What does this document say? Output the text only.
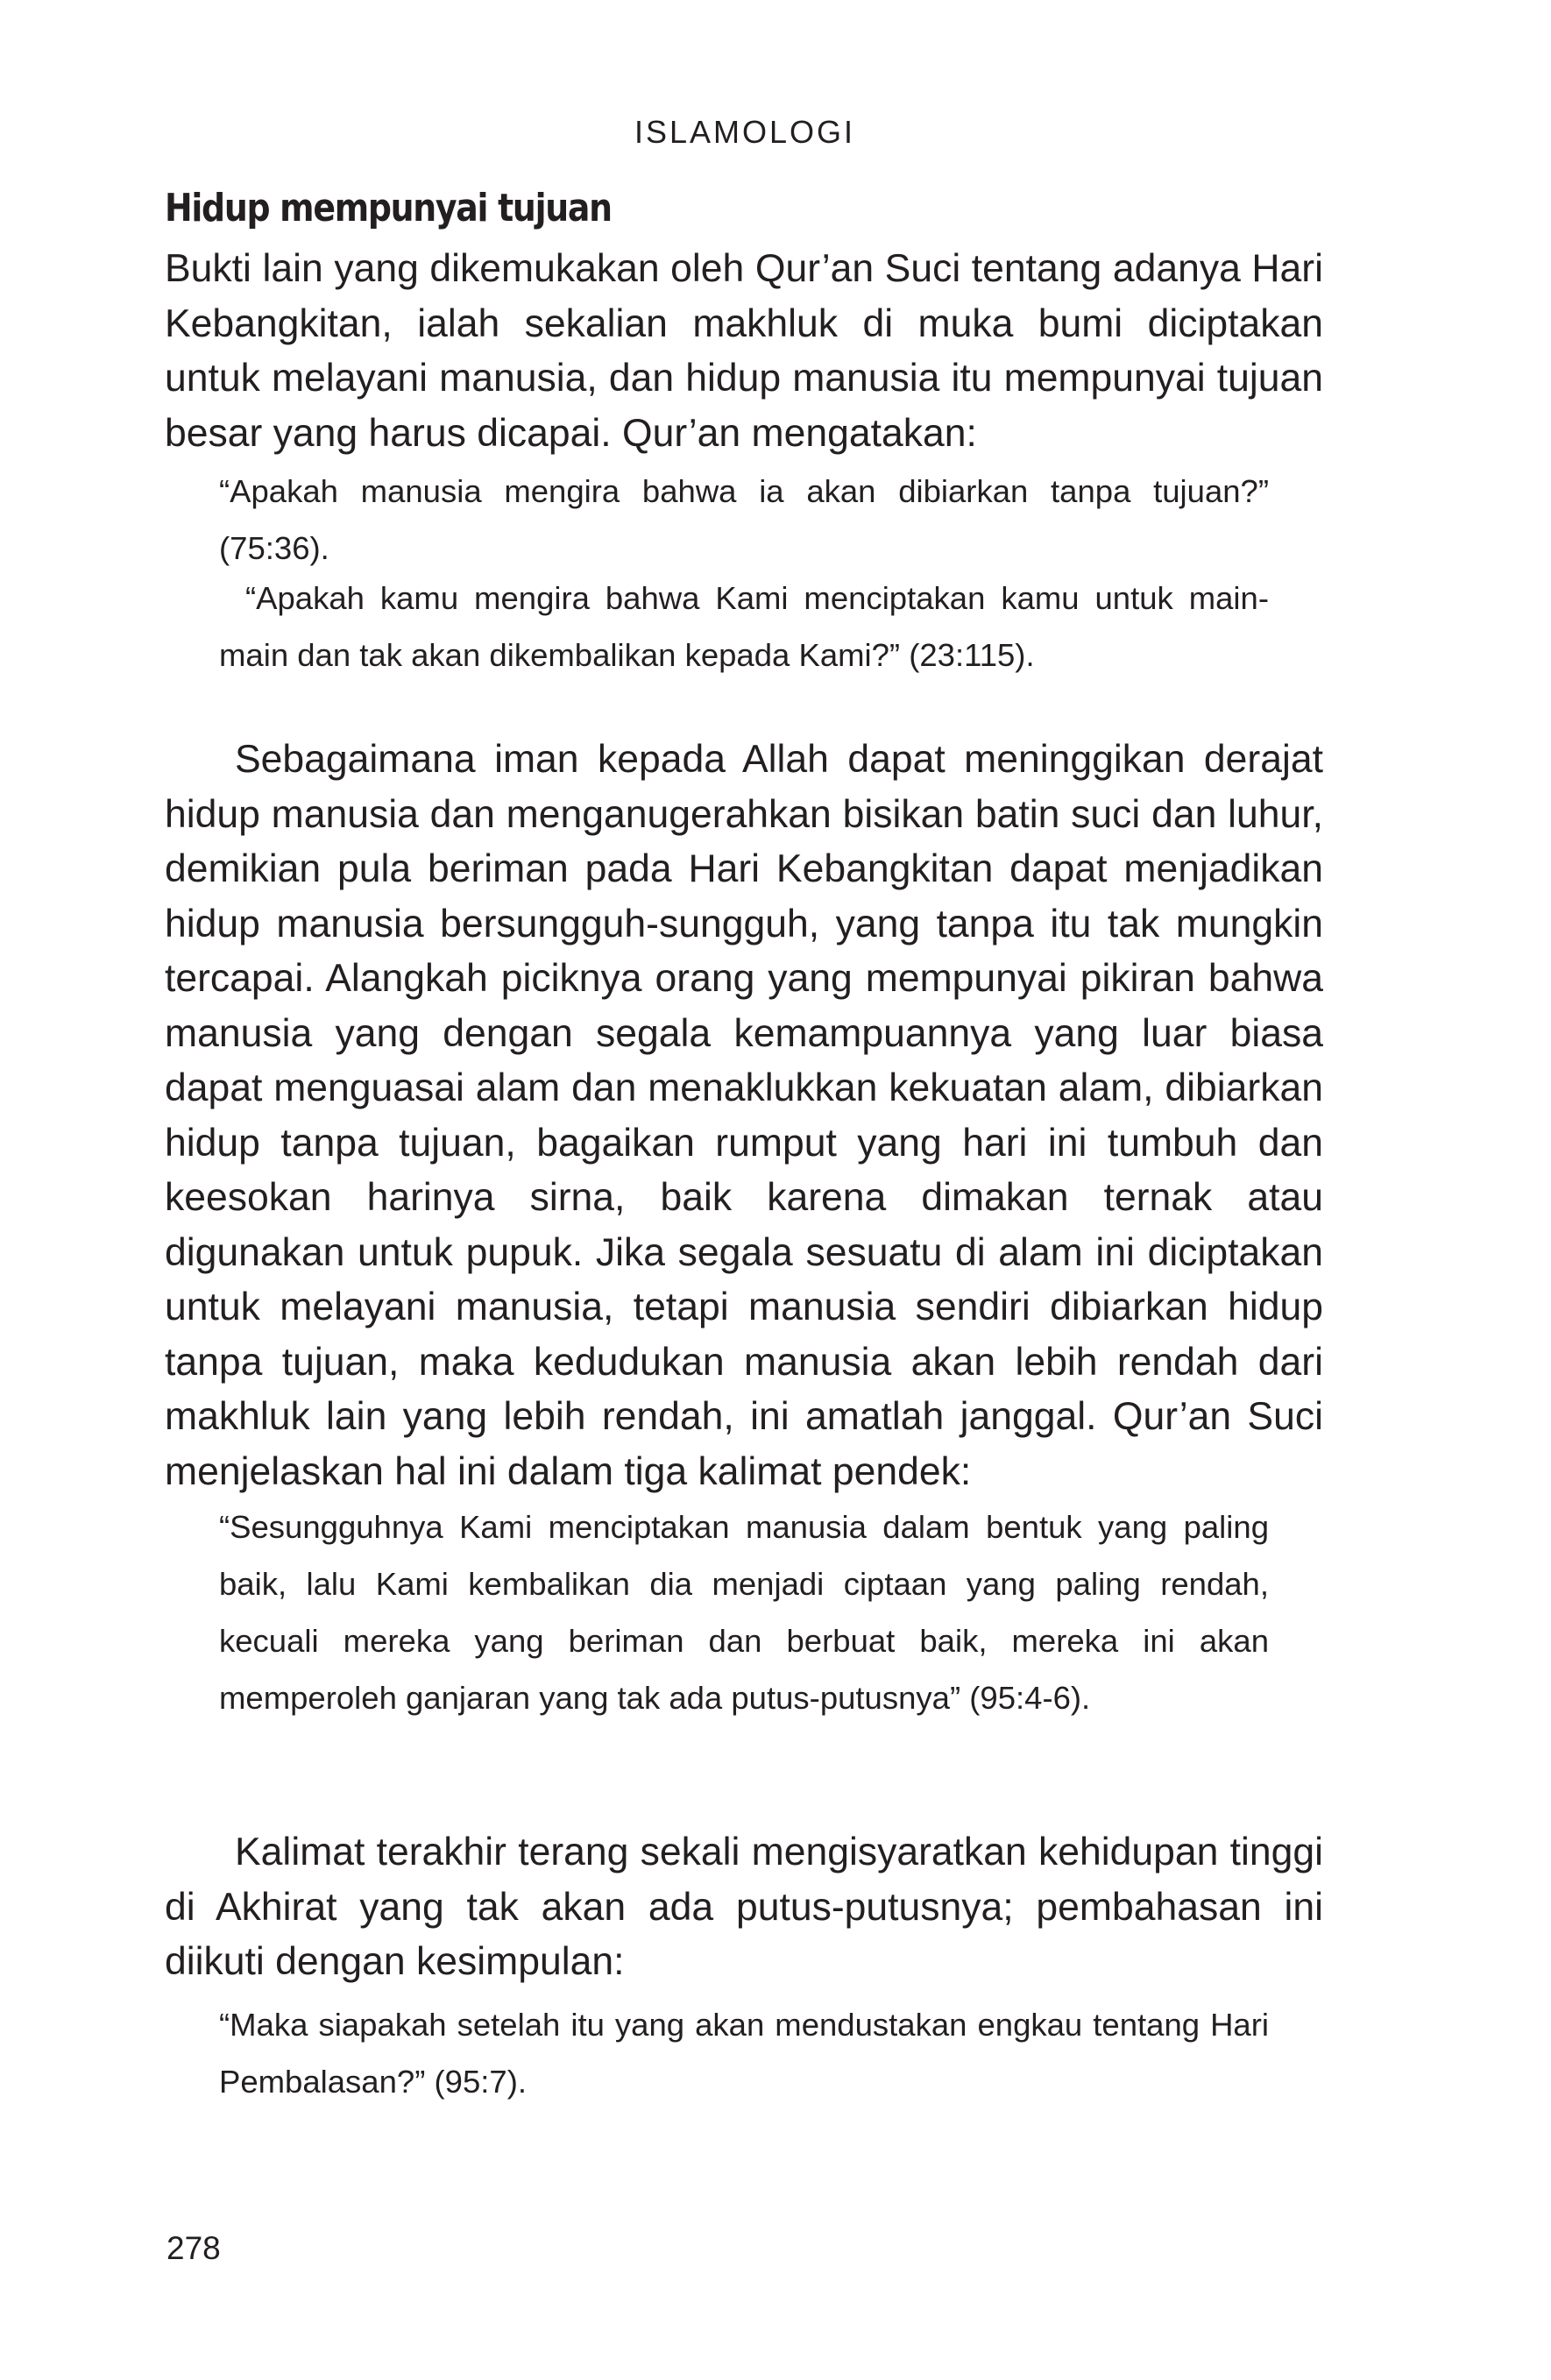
ISLAMOLOGI

Hidup mempunyai tujuan

Bukti lain yang dikemukakan oleh Qur’an Suci tentang adanya Hari Kebangkitan, ialah sekalian makhluk di muka bumi diciptakan untuk melayani manusia, dan hidup manusia itu mempunyai tujuan besar yang harus dicapai. Qur’an mengatakan:

“Apakah manusia mengira bahwa ia akan dibiarkan tanpa tujuan?” (75:36).

“Apakah kamu mengira bahwa Kami menciptakan kamu untuk main-main dan tak akan dikembalikan kepada Kami?” (23:115).

Sebagaimana iman kepada Allah dapat meninggikan derajat hidup manusia dan menganugerahkan bisikan batin suci dan luhur, demikian pula beriman pada Hari Kebangkitan dapat menjadikan hidup manusia bersungguh-sungguh, yang tanpa itu tak mungkin tercapai. Alangkah piciknya orang yang mempunyai pikiran bahwa manusia yang dengan segala kemampuannya yang luar biasa dapat menguasai alam dan menaklukkan kekuatan alam, dibiarkan hidup tanpa tujuan, bagaikan rumput yang hari ini tumbuh dan keesokan harinya sirna, baik karena dimakan ternak atau digunakan untuk pupuk. Jika segala sesuatu di alam ini diciptakan untuk melayani manusia, tetapi manusia sendiri dibiarkan hidup tanpa tujuan, maka kedudukan manusia akan lebih rendah dari makhluk lain yang lebih rendah, ini amatlah janggal. Qur’an Suci menjelaskan hal ini dalam tiga kalimat pendek:

“Sesungguhnya Kami menciptakan manusia dalam bentuk yang paling baik, lalu Kami kembalikan dia menjadi ciptaan yang paling rendah, kecuali mereka yang beriman dan berbuat baik, mereka ini akan memperoleh ganjaran yang tak ada putus-putusnya” (95:4-6).

Kalimat terakhir terang sekali mengisyaratkan kehidupan tinggi di Akhirat yang tak akan ada putus-putusnya; pembahasan ini diikuti dengan kesimpulan:

“Maka siapakah setelah itu yang akan mendustakan engkau tentang Hari Pembalasan?” (95:7).

278
